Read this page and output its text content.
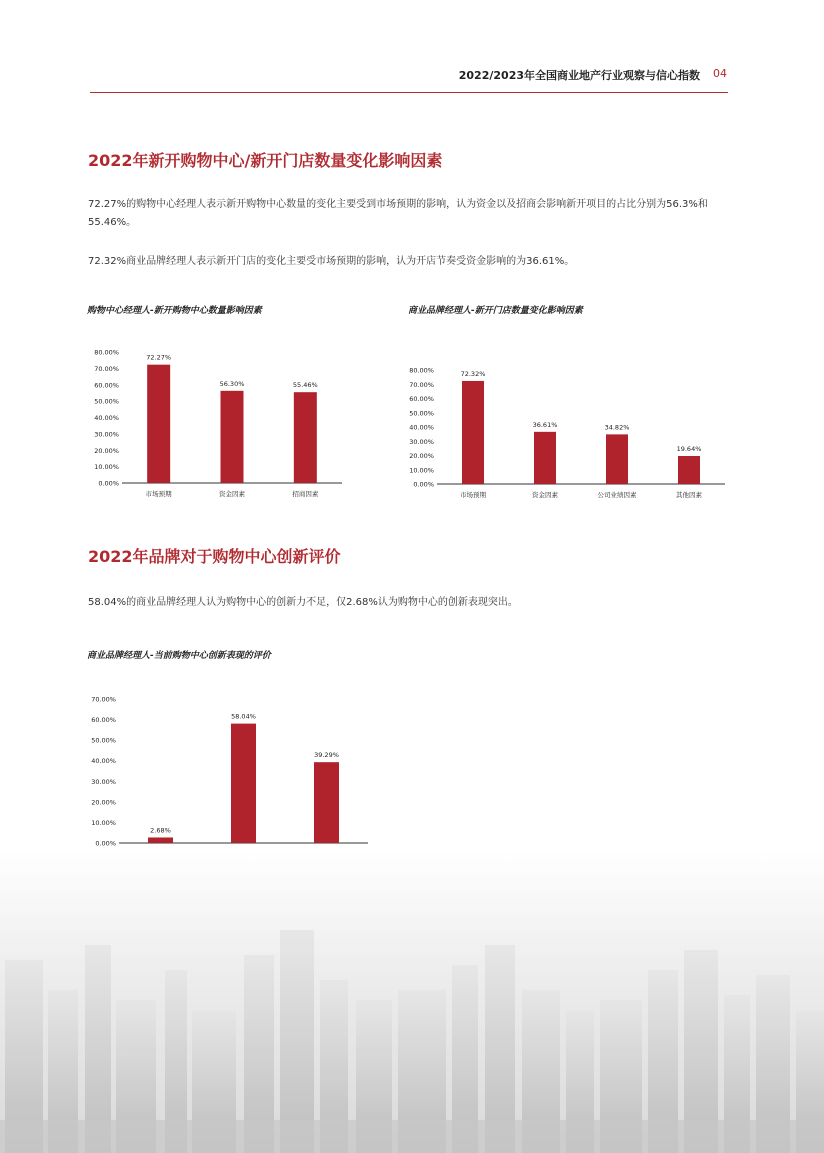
2022/2023年全国商业地产行业观察与信心指数 04
2022年新开购物中心/新开门店数量变化影响因素
72.27%的购物中心经理人表示新开购物中心数量的变化主要受到市场预期的影响，认为资金以及招商会影响新开项目的占比分别为56.3%和55.46%。
72.32%商业品牌经理人表示新开门店的变化主要受市场预期的影响，认为开店节奏受资金影响的为36.61%。
购物中心经理人-新开购物中心数量影响因素	商业品牌经理人-新开门店数量变化影响因素
0.00%
10.00%
20.00%
30.00%
40.00%
50.00%
60.00%
70.00%
80.00%
72.27%
市场预期
56.30%
资金因素
55.46%
招商因素
0.00%
10.00%
20.00%
30.00%
40.00%
50.00%
60.00%
70.00%
80.00%	72.32%
市场预期
36.61%
资金因素
34.82%
公司业绩因素
19.64%
其他因素
2022年品牌对于购物中心创新评价
58.04%的商业品牌经理人认为购物中心的创新力不足，仅2.68%认为购物中心的创新表现突出。
商业品牌经理人-当前购物中心创新表现的评价
0.00%
10.00%
20.00%
30.00%
40.00%
50.00%
60.00%
70.00%
2.68%
58.04%
39.29%
